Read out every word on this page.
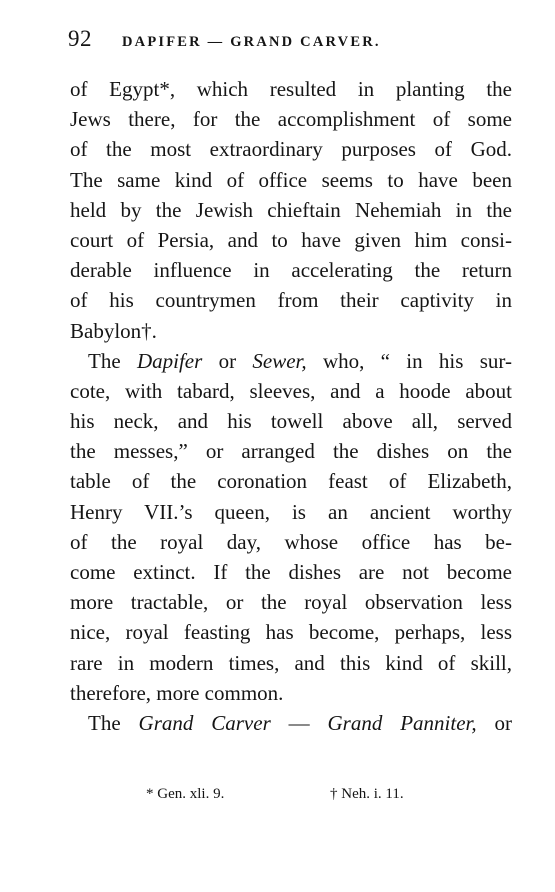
92 DAPIFER — GRAND CARVER.
of Egypt*, which resulted in planting the
Jews there, for the accomplishment of some
of the most extraordinary purposes of God.
The same kind of office seems to have been
held by the Jewish chieftain Nehemiah in the
court of Persia, and to have given him consi-
derable influence in accelerating the return
of his countrymen from their captivity in
Babylon†.
The Dapifer or Sewer, who, “ in his sur-
cote, with tabard, sleeves, and a hoode about
his neck, and his towell above all, served
the messes,” or arranged the dishes on the
table of the coronation feast of Elizabeth,
Henry VII.’s queen, is an ancient worthy
of the royal day, whose office has be-
come extinct. If the dishes are not become
more tractable, or the royal observation less
nice, royal feasting has become, perhaps, less
rare in modern times, and this kind of skill,
therefore, more common.
The Grand Carver — Grand Panniter, or
* Gen. xli. 9.	† Neh. i. 11.
